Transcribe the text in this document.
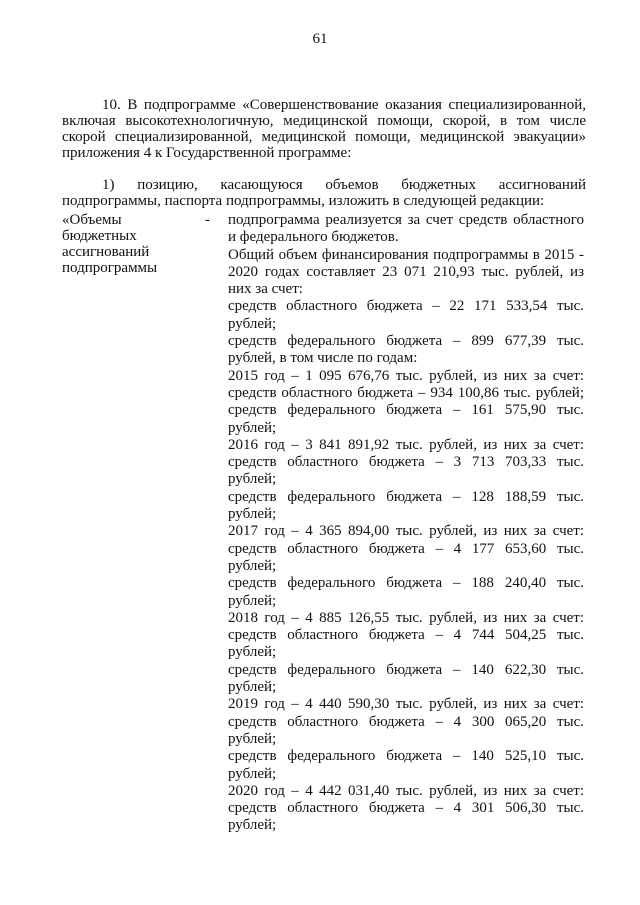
61
10. В подпрограмме «Совершенствование оказания специализированной,
включая высокотехнологичную, медицинской помощи, скорой, в том числе
скорой специализированной, медицинской помощи, медицинской эвакуации»
приложения 4 к Государственной программе:
1) позицию, касающуюся объемов бюджетных ассигнований
подпрограммы, паспорта подпрограммы, изложить в следующей редакции:
«Объемы
бюджетных
ассигнований
подпрограммы
- подпрограмма реализуется за счет средств областного
и федерального бюджетов.
Общий объем финансирования подпрограммы в 2015 -
2020 годах составляет 23 071 210,93 тыс. рублей, из
них за счет:
средств областного бюджета – 22 171 533,54 тыс.
рублей;
средств федерального бюджета – 899 677,39 тыс.
рублей, в том числе по годам:
2015 год – 1 095 676,76 тыс. рублей, из них за счет:
средств областного бюджета – 934 100,86 тыс. рублей;
средств федерального бюджета – 161 575,90 тыс.
рублей;
2016 год – 3 841 891,92 тыс. рублей, из них за счет:
средств областного бюджета – 3 713 703,33 тыс.
рублей;
средств федерального бюджета – 128 188,59 тыс.
рублей;
2017 год – 4 365 894,00 тыс. рублей, из них за счет:
средств областного бюджета – 4 177 653,60 тыс.
рублей;
средств федерального бюджета – 188 240,40 тыс.
рублей;
2018 год – 4 885 126,55 тыс. рублей, из них за счет:
средств областного бюджета – 4 744 504,25 тыс.
рублей;
средств федерального бюджета – 140 622,30 тыс.
рублей;
2019 год – 4 440 590,30 тыс. рублей, из них за счет:
средств областного бюджета – 4 300 065,20 тыс.
рублей;
средств федерального бюджета – 140 525,10 тыс.
рублей;
2020 год – 4 442 031,40 тыс. рублей, из них за счет:
средств областного бюджета – 4 301 506,30 тыс.
рублей;
